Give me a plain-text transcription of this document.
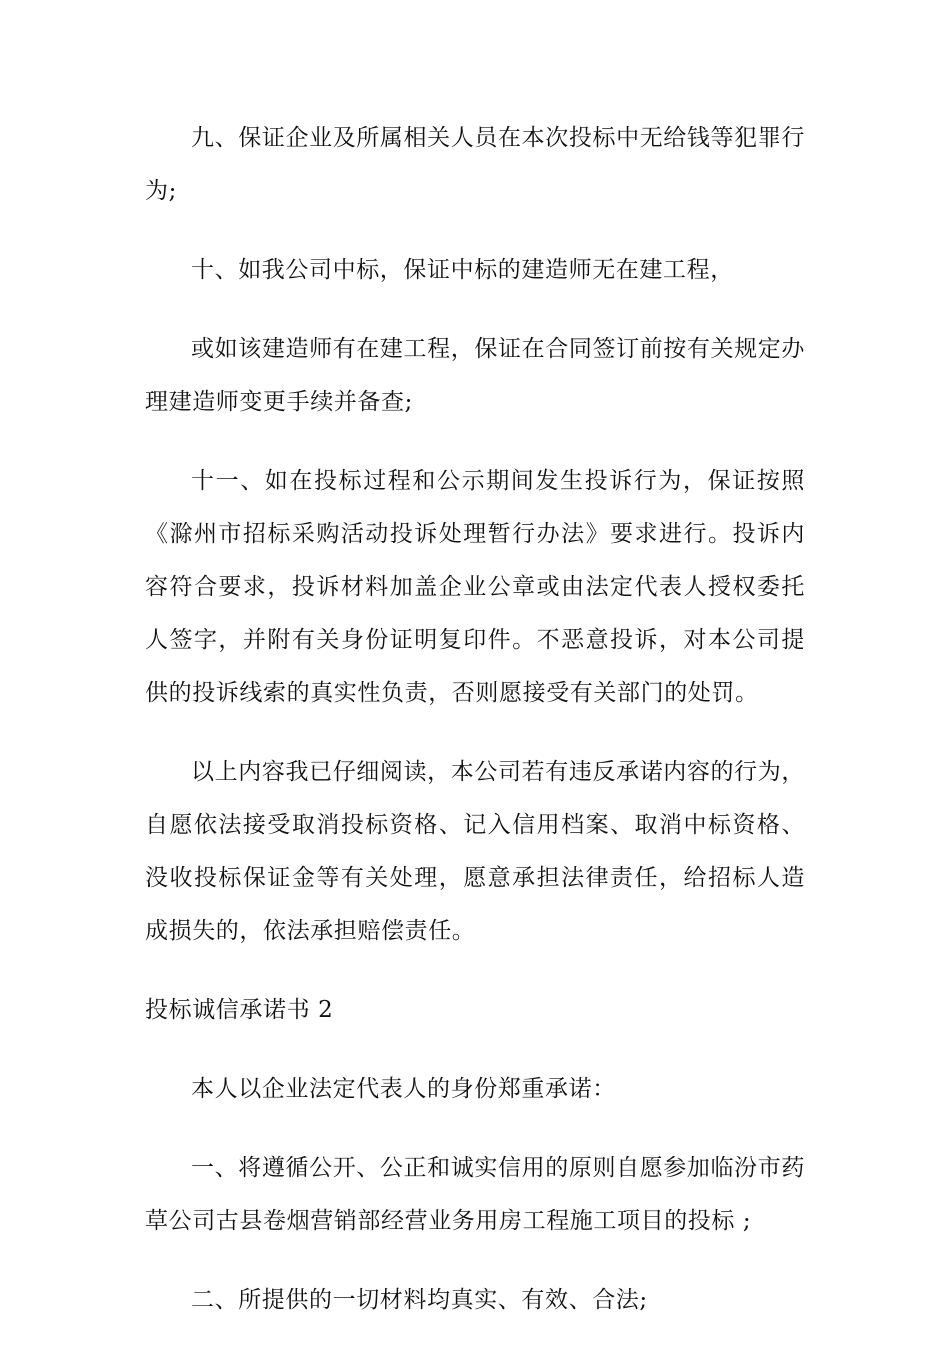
九、保证企业及所属相关人员在本次投标中无给钱等犯罪行为;

十、如我公司中标，保证中标的建造师无在建工程，

或如该建造师有在建工程，保证在合同签订前按有关规定办理建造师变更手续并备查;

十一、如在投标过程和公示期间发生投诉行为，保证按照《滁州市招标采购活动投诉处理暂行办法》要求进行。投诉内容符合要求，投诉材料加盖企业公章或由法定代表人授权委托人签字，并附有关身份证明复印件。不恶意投诉，对本公司提供的投诉线索的真实性负责，否则愿接受有关部门的处罚。

以上内容我已仔细阅读，本公司若有违反承诺内容的行为，自愿依法接受取消投标资格、记入信用档案、取消中标资格、没收投标保证金等有关处理，愿意承担法律责任，给招标人造成损失的，依法承担赔偿责任。

投标诚信承诺书 2

本人以企业法定代表人的身份郑重承诺：

一、将遵循公开、公正和诚实信用的原则自愿参加临汾市药草公司古县卷烟营销部经营业务用房工程施工项目的投标 ;

二、所提供的一切材料均真实、有效、合法;
